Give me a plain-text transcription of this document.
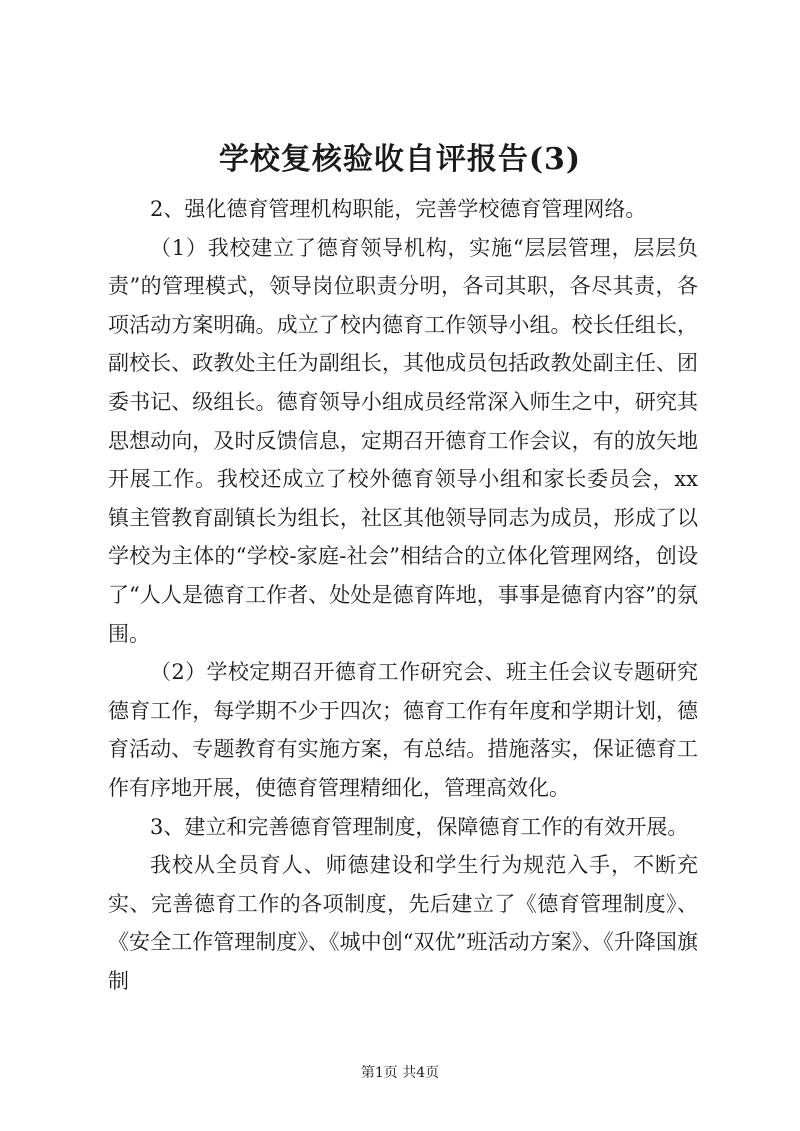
学校复核验收自评报告(3)

2、强化德育管理机构职能，完善学校德育管理网络。

（1）我校建立了德育领导机构，实施“层层管理，层层负责”的管理模式，领导岗位职责分明，各司其职，各尽其责，各项活动方案明确。成立了校内德育工作领导小组。校长任组长，副校长、政教处主任为副组长，其他成员包括政教处副主任、团委书记、级组长。德育领导小组成员经常深入师生之中，研究其思想动向，及时反馈信息，定期召开德育工作会议，有的放矢地开展工作。我校还成立了校外德育领导小组和家长委员会，xx镇主管教育副镇长为组长，社区其他领导同志为成员，形成了以学校为主体的“学校-家庭-社会”相结合的立体化管理网络，创设了“人人是德育工作者、处处是德育阵地，事事是德育内容”的氛围。

（2）学校定期召开德育工作研究会、班主任会议专题研究德育工作，每学期不少于四次；德育工作有年度和学期计划，德育活动、专题教育有实施方案，有总结。措施落实，保证德育工作有序地开展，使德育管理精细化，管理高效化。

3、建立和完善德育管理制度，保障德育工作的有效开展。

我校从全员育人、师德建设和学生行为规范入手，不断充实、完善德育工作的各项制度，先后建立了《德育管理制度》、《安全工作管理制度》、《城中创“双优”班活动方案》、《升降国旗制

第1页 共4页
